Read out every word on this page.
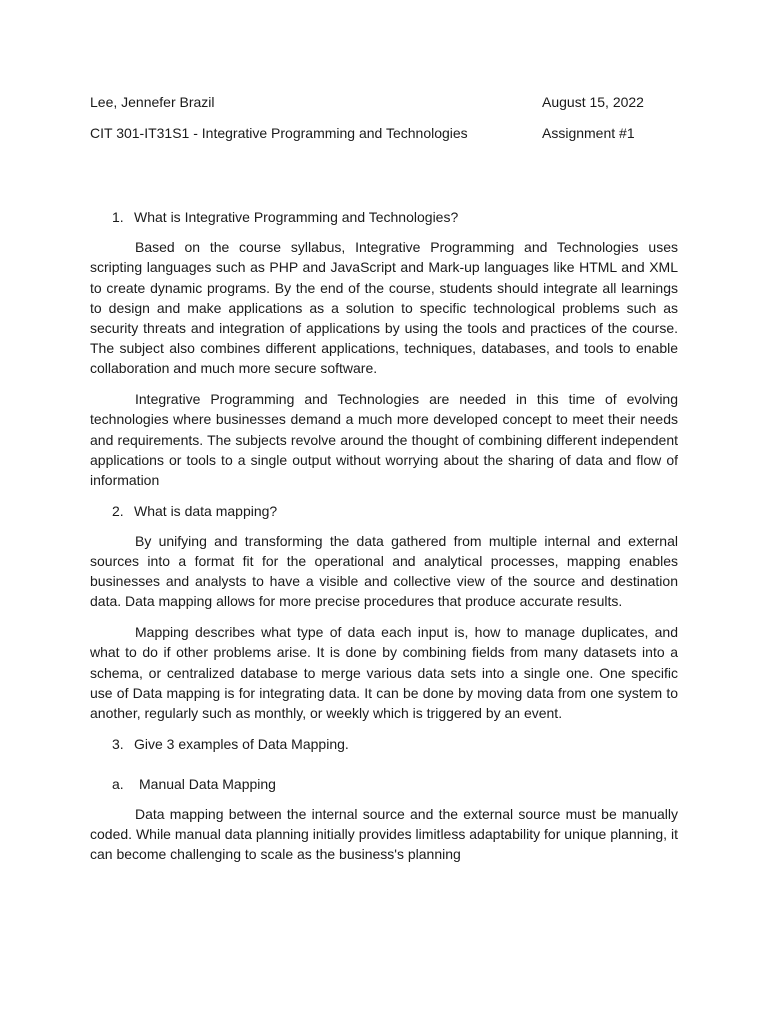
Lee, Jennefer Brazil	August 15, 2022
CIT 301-IT31S1 - Integrative Programming and Technologies	Assignment #1
1. What is Integrative Programming and Technologies?

Based on the course syllabus, Integrative Programming and Technologies uses scripting languages such as PHP and JavaScript and Mark-up languages like HTML and XML to create dynamic programs. By the end of the course, students should integrate all learnings to design and make applications as a solution to specific technological problems such as security threats and integration of applications by using the tools and practices of the course. The subject also combines different applications, techniques, databases, and tools to enable collaboration and much more secure software.

Integrative Programming and Technologies are needed in this time of evolving technologies where businesses demand a much more developed concept to meet their needs and requirements. The subjects revolve around the thought of combining different independent applications or tools to a single output without worrying about the sharing of data and flow of information

2. What is data mapping?

By unifying and transforming the data gathered from multiple internal and external sources into a format fit for the operational and analytical processes, mapping enables businesses and analysts to have a visible and collective view of the source and destination data. Data mapping allows for more precise procedures that produce accurate results.

Mapping describes what type of data each input is, how to manage duplicates, and what to do if other problems arise. It is done by combining fields from many datasets into a schema, or centralized database to merge various data sets into a single one. One specific use of Data mapping is for integrating data. It can be done by moving data from one system to another, regularly such as monthly, or weekly which is triggered by an event.

3. Give 3 examples of Data Mapping.
a. Manual Data Mapping

Data mapping between the internal source and the external source must be manually coded. While manual data planning initially provides limitless adaptability for unique planning, it can become challenging to scale as the business's planning
